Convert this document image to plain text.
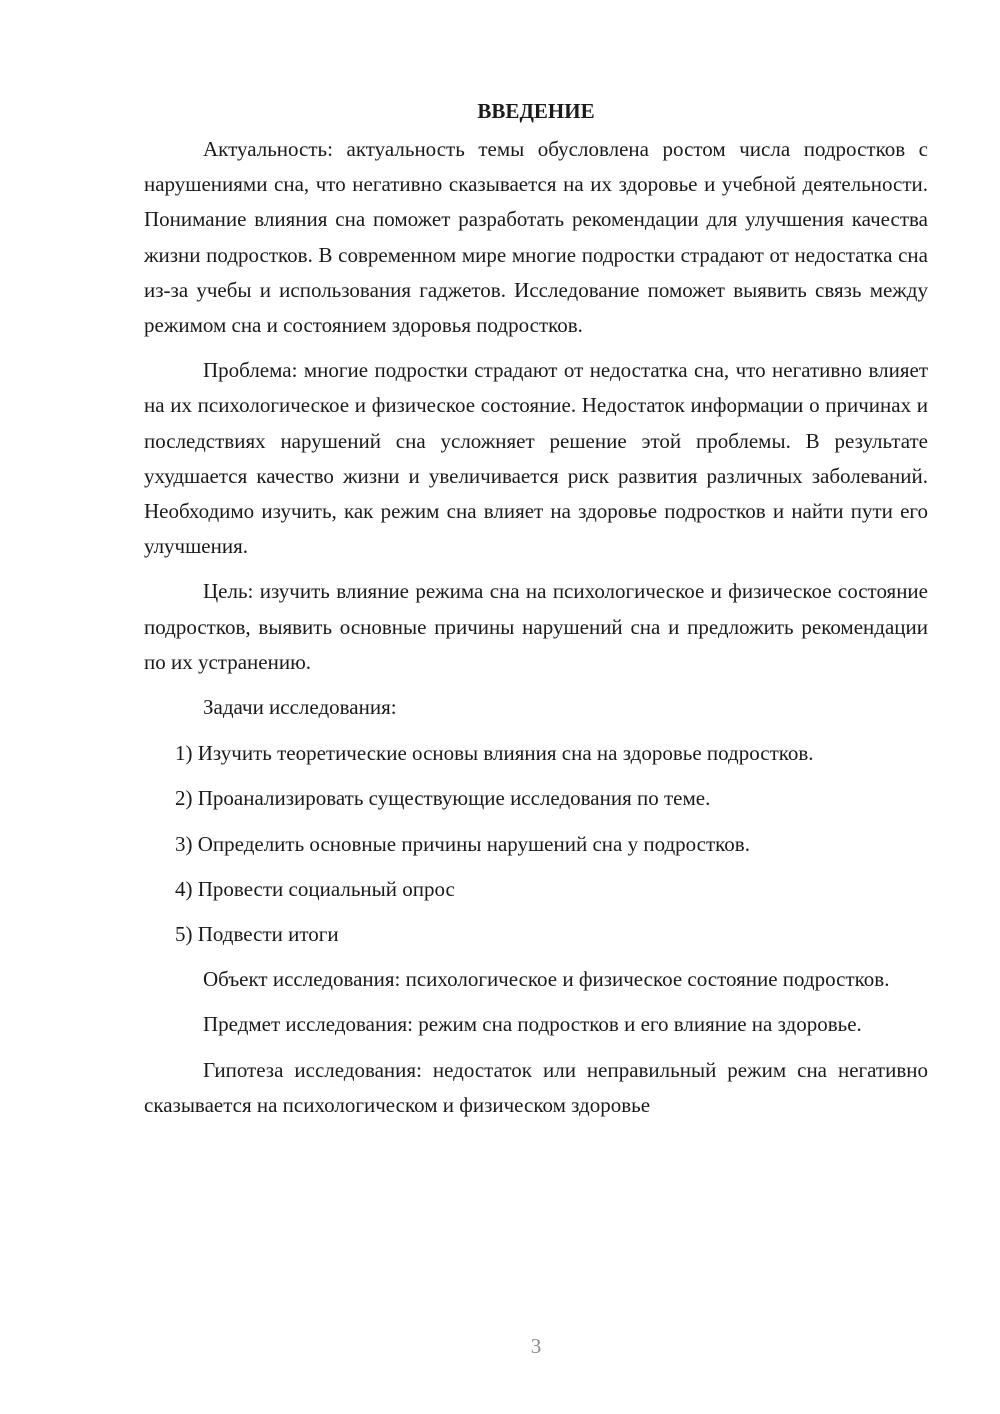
ВВЕДЕНИЕ

Актуальность: актуальность темы обусловлена ростом числа подростков с нарушениями сна, что негативно сказывается на их здоровье и учебной деятельности. Понимание влияния сна поможет разработать рекомендации для улучшения качества жизни подростков. В современном мире многие подростки страдают от недостатка сна из-за учебы и использования гаджетов. Исследование поможет выявить связь между режимом сна и состоянием здоровья подростков.

Проблема: многие подростки страдают от недостатка сна, что негативно влияет на их психологическое и физическое состояние. Недостаток информации о причинах и последствиях нарушений сна усложняет решение этой проблемы. В результате ухудшается качество жизни и увеличивается риск развития различных заболеваний. Необходимо изучить, как режим сна влияет на здоровье подростков и найти пути его улучшения.

Цель: изучить влияние режима сна на психологическое и физическое состояние подростков, выявить основные причины нарушений сна и предложить рекомендации по их устранению.

Задачи исследования:

1) Изучить теоретические основы влияния сна на здоровье подростков.

2) Проанализировать существующие исследования по теме.

3) Определить основные причины нарушений сна у подростков.

4) Провести социальный опрос

5) Подвести итоги

Объект исследования: психологическое и физическое состояние подростков.

Предмет исследования: режим сна подростков и его влияние на здоровье.

Гипотеза исследования: недостаток или неправильный режим сна негативно сказывается на психологическом и физическом здоровье

3
